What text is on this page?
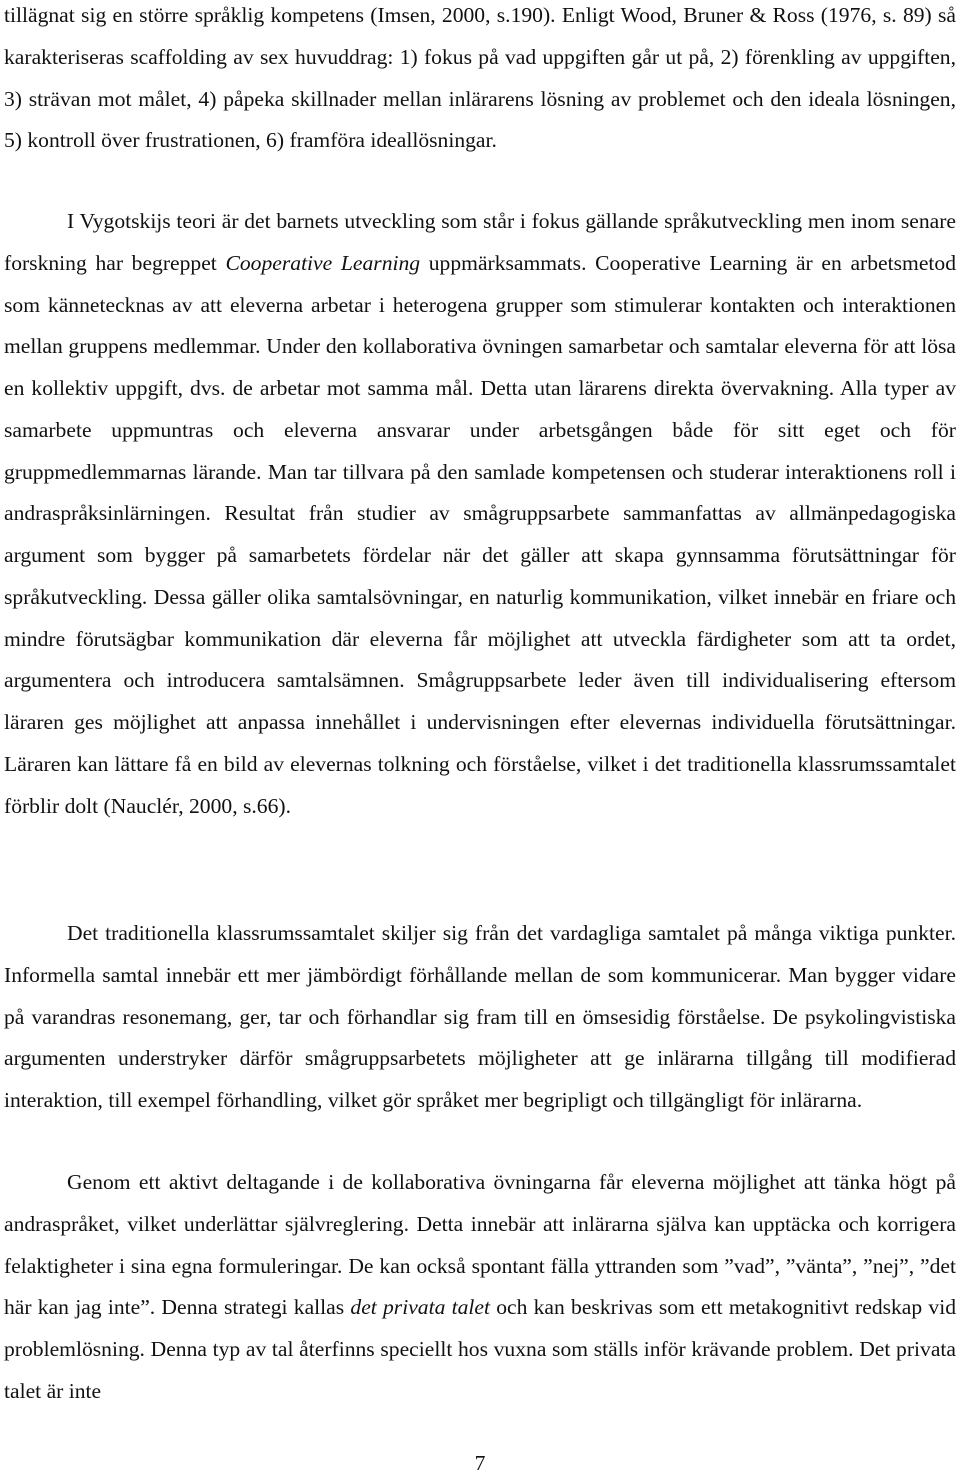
tillägnat sig en större språklig kompetens (Imsen, 2000, s.190). Enligt Wood, Bruner & Ross (1976, s. 89) så karakteriseras scaffolding av sex huvuddrag: 1) fokus på vad uppgiften går ut på, 2) förenkling av uppgiften, 3) strävan mot målet, 4) påpeka skillnader mellan inlärarens lösning av problemet och den ideala lösningen, 5) kontroll över frustrationen, 6) framföra ideallösningar.

I Vygotskijs teori är det barnets utveckling som står i fokus gällande språkutveckling men inom senare forskning har begreppet Cooperative Learning uppmärksammats. Cooperative Learning är en arbetsmetod som kännetecknas av att eleverna arbetar i heterogena grupper som stimulerar kontakten och interaktionen mellan gruppens medlemmar. Under den kollaborativa övningen samarbetar och samtalar eleverna för att lösa en kollektiv uppgift, dvs. de arbetar mot samma mål. Detta utan lärarens direkta övervakning. Alla typer av samarbete uppmuntras och eleverna ansvarar under arbetsgången både för sitt eget och för gruppmedlemmarnas lärande. Man tar tillvara på den samlade kompetensen och studerar interaktionens roll i andraspråksinlärningen. Resultat från studier av smågruppsarbete sammanfattas av allmänpedagogiska argument som bygger på samarbetets fördelar när det gäller att skapa gynnsamma förutsättningar för språkutveckling. Dessa gäller olika samtalsövningar, en naturlig kommunikation, vilket innebär en friare och mindre förutsägbar kommunikation där eleverna får möjlighet att utveckla färdigheter som att ta ordet, argumentera och introducera samtalsämnen. Smågruppsarbete leder även till individualisering eftersom läraren ges möjlighet att anpassa innehållet i undervisningen efter elevernas individuella förutsättningar. Läraren kan lättare få en bild av elevernas tolkning och förståelse, vilket i det traditionella klassrumssamtalet förblir dolt (Nauclér, 2000, s.66).

Det traditionella klassrumssamtalet skiljer sig från det vardagliga samtalet på många viktiga punkter. Informella samtal innebär ett mer jämbördigt förhållande mellan de som kommunicerar. Man bygger vidare på varandras resonemang, ger, tar och förhandlar sig fram till en ömsesidig förståelse. De psykolingvistiska argumenten understryker därför smågruppsarbetets möjligheter att ge inlärarna tillgång till modifierad interaktion, till exempel förhandling, vilket gör språket mer begripligt och tillgängligt för inlärarna.

Genom ett aktivt deltagande i de kollaborativa övningarna får eleverna möjlighet att tänka högt på andraspråket, vilket underlättar självreglering. Detta innebär att inlärarna själva kan upptäcka och korrigera felaktigheter i sina egna formuleringar. De kan också spontant fälla yttranden som ”vad”, ”vänta”, ”nej”, ”det här kan jag inte”. Denna strategi kallas det privata talet och kan beskrivas som ett metakognitivt redskap vid problemlösning. Denna typ av tal återfinns speciellt hos vuxna som ställs inför krävande problem. Det privata talet är inte

7
